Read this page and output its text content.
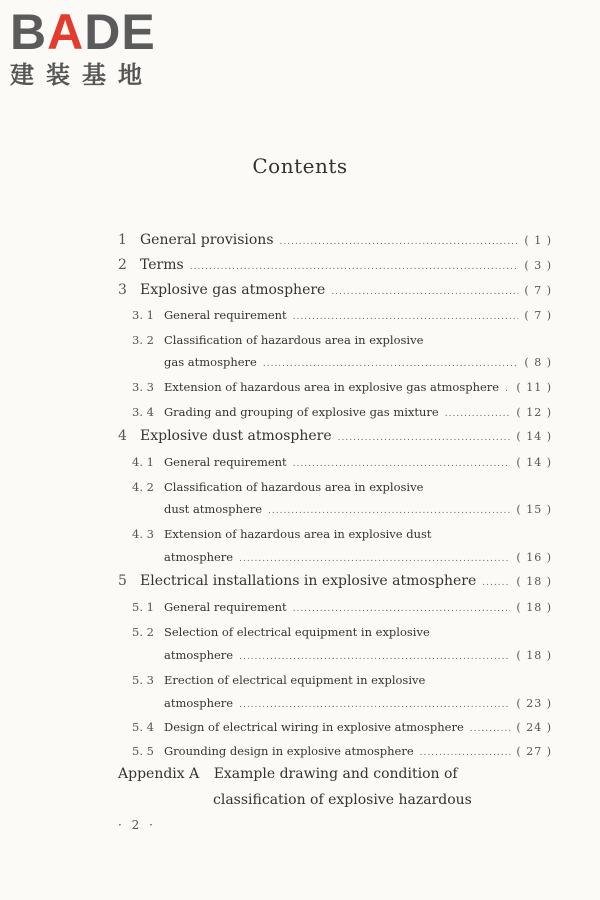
BADE
建装基地
Contents
1 General provisions .....	( 1 )
2 Terms .....	( 3 )
3 Explosive gas atmosphere .....	( 7 )
3. 1 General requirement .....	( 7 )
3. 2 Classification of hazardous area in explosive
gas atmosphere .....	( 8 )
3. 3 Extension of hazardous area in explosive gas atmosphere ..... ( 11 )
3. 4 Grading and grouping of explosive gas mixture .....	( 12 )
4 Explosive dust atmosphere .....	( 14 )
4. 1 General requirement .....	( 14 )
4. 2 Classification of hazardous area in explosive
dust atmosphere .....	( 15 )
4. 3 Extension of hazardous area in explosive dust
atmosphere .....	( 16 )
5 Electrical installations in explosive atmosphere .....	( 18 )
5. 1 General requirement .....	( 18 )
5. 2 Selection of electrical equipment in explosive
atmosphere .....	( 18 )
5. 3 Erection of electrical equipment in explosive
atmosphere .....	( 23 )
5. 4 Design of electrical wiring in explosive atmosphere .....	( 24 )
5. 5 Grounding design in explosive atmosphere .....	( 27 )
Appendix A Example drawing and condition of
classification of explosive hazardous
· 2 ·
